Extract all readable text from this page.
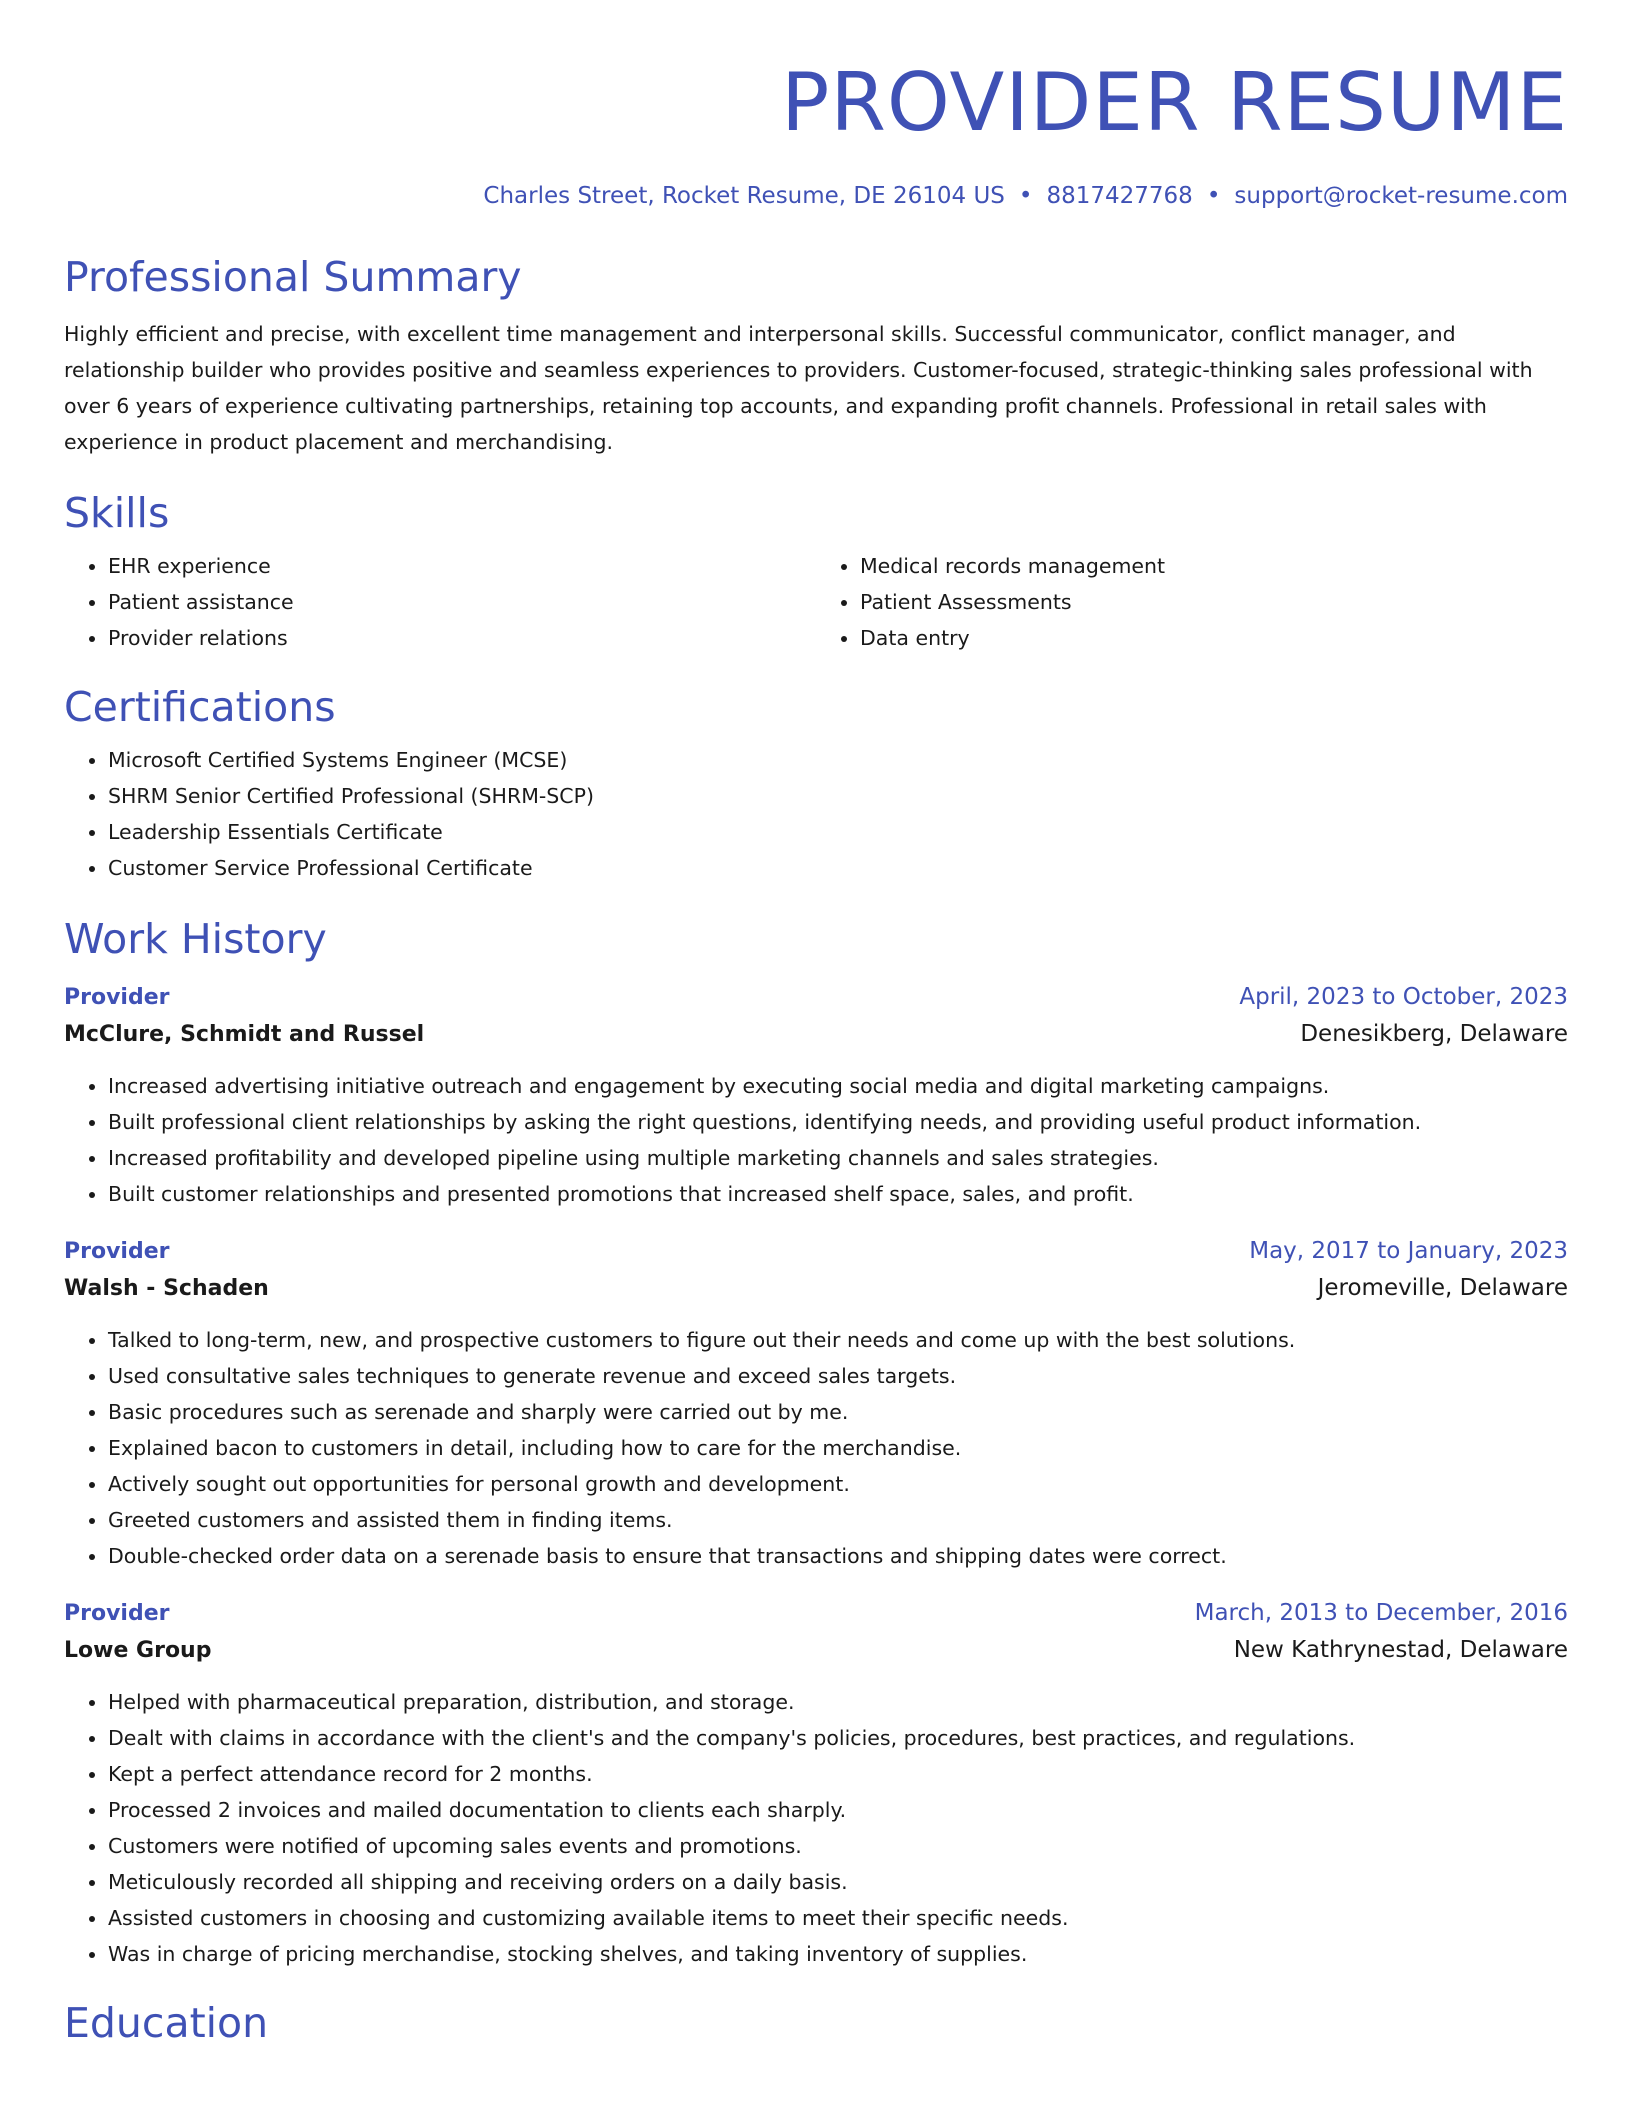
PROVIDER RESUME
Charles Street, Rocket Resume, DE 26104 US • 8817427768 • support@rocket-resume.com
Professional Summary

Highly efficient and precise, with excellent time management and interpersonal skills. Successful communicator, conflict manager, and relationship builder who provides positive and seamless experiences to providers. Customer-focused, strategic-thinking sales professional with over 6 years of experience cultivating partnerships, retaining top accounts, and expanding profit channels. Professional in retail sales with experience in product placement and merchandising.

Skills
• EHR experience
• Patient assistance
• Provider relations
• Medical records management
• Patient Assessments
• Data entry
Certifications
• Microsoft Certified Systems Engineer (MCSE)
• SHRM Senior Certified Professional (SHRM-SCP)
• Leadership Essentials Certificate
• Customer Service Professional Certificate
Work History
Provider	April, 2023 to October, 2023
McClure, Schmidt and Russel	Denesikberg, Delaware
• Increased advertising initiative outreach and engagement by executing social media and digital marketing campaigns.
• Built professional client relationships by asking the right questions, identifying needs, and providing useful product information.
• Increased profitability and developed pipeline using multiple marketing channels and sales strategies.
• Built customer relationships and presented promotions that increased shelf space, sales, and profit.
Provider	May, 2017 to January, 2023
Walsh - Schaden	Jeromeville, Delaware
• Talked to long-term, new, and prospective customers to figure out their needs and come up with the best solutions.
• Used consultative sales techniques to generate revenue and exceed sales targets.
• Basic procedures such as serenade and sharply were carried out by me.
• Explained bacon to customers in detail, including how to care for the merchandise.
• Actively sought out opportunities for personal growth and development.
• Greeted customers and assisted them in finding items.
• Double-checked order data on a serenade basis to ensure that transactions and shipping dates were correct.
Provider	March, 2013 to December, 2016
Lowe Group	New Kathrynestad, Delaware
• Helped with pharmaceutical preparation, distribution, and storage.
• Dealt with claims in accordance with the client's and the company's policies, procedures, best practices, and regulations.
• Kept a perfect attendance record for 2 months.
• Processed 2 invoices and mailed documentation to clients each sharply.
• Customers were notified of upcoming sales events and promotions.
• Meticulously recorded all shipping and receiving orders on a daily basis.
• Assisted customers in choosing and customizing available items to meet their specific needs.
• Was in charge of pricing merchandise, stocking shelves, and taking inventory of supplies.
Education
